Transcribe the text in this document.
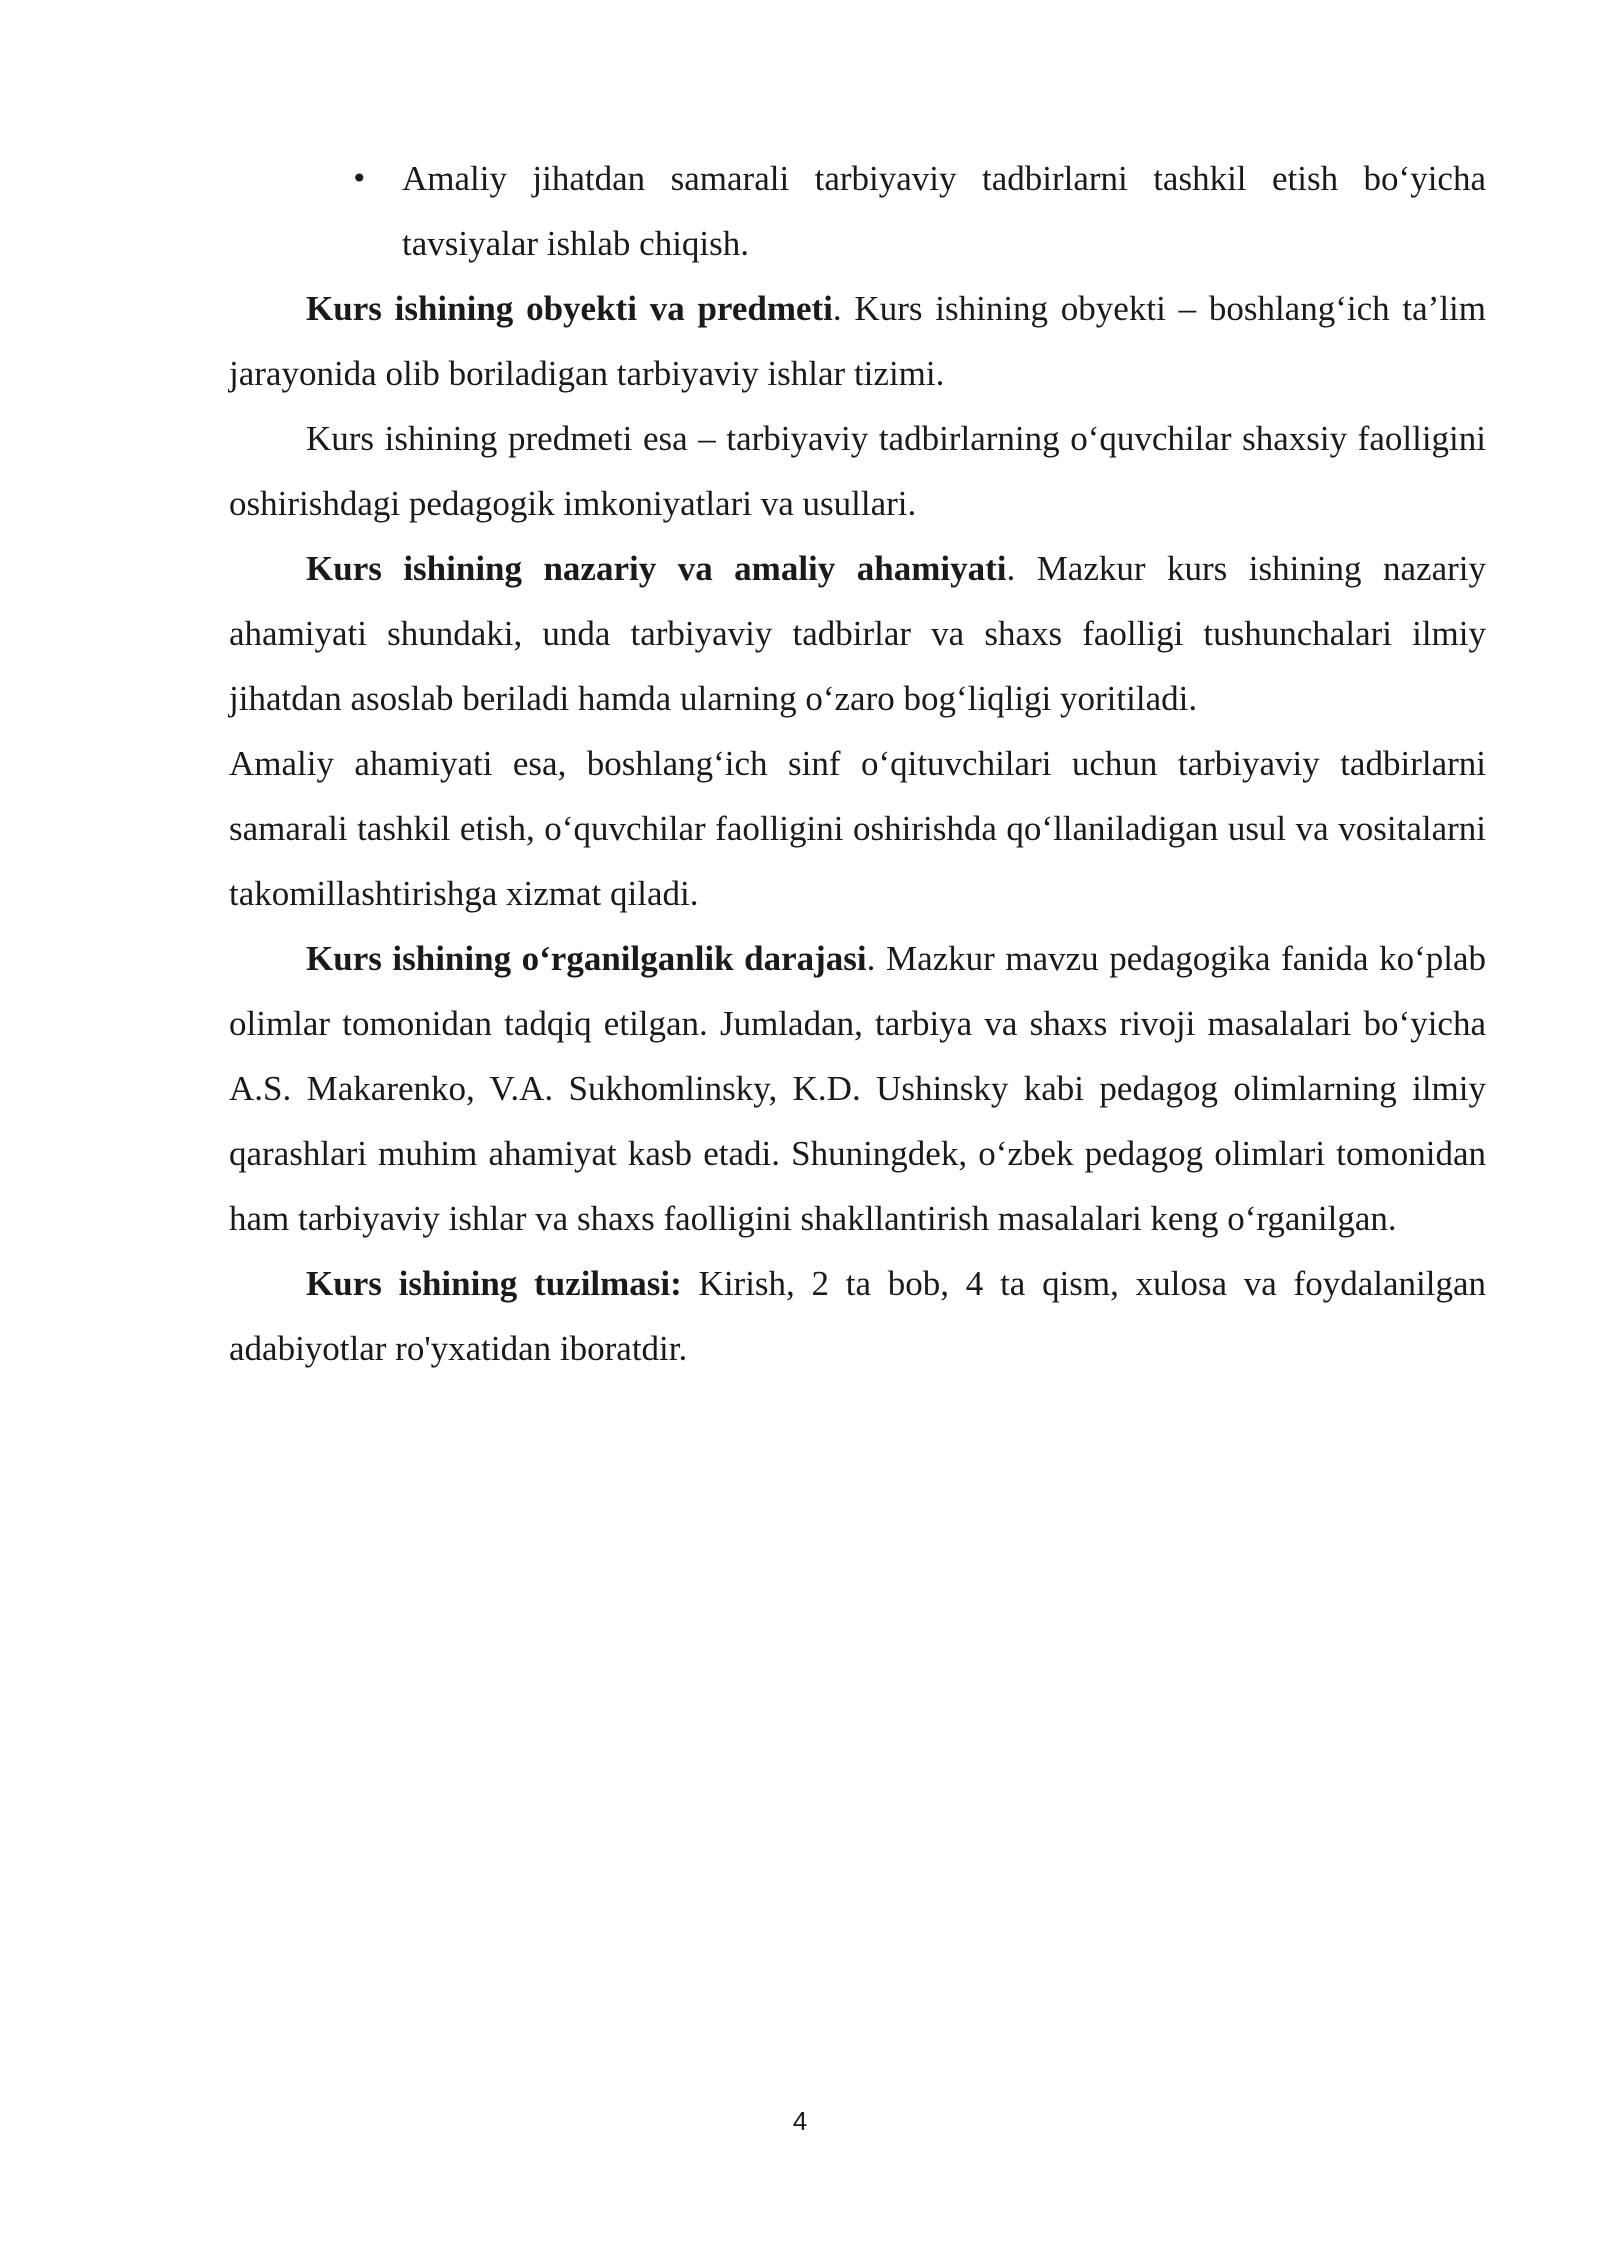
• Amaliy jihatdan samarali tarbiyaviy tadbirlarni tashkil etish bo‘yicha tavsiyalar ishlab chiqish.

Kurs ishining obyekti va predmeti. Kurs ishining obyekti – boshlang‘ich ta’lim jarayonida olib boriladigan tarbiyaviy ishlar tizimi.

Kurs ishining predmeti esa – tarbiyaviy tadbirlarning o‘quvchilar shaxsiy faolligini oshirishdagi pedagogik imkoniyatlari va usullari.

Kurs ishining nazariy va amaliy ahamiyati. Mazkur kurs ishining nazariy ahamiyati shundaki, unda tarbiyaviy tadbirlar va shaxs faolligi tushunchalari ilmiy jihatdan asoslab beriladi hamda ularning o‘zaro bog‘liqligi yoritiladi.

Amaliy ahamiyati esa, boshlang‘ich sinf o‘qituvchilari uchun tarbiyaviy tadbirlarni samarali tashkil etish, o‘quvchilar faolligini oshirishda qo‘llaniladigan usul va vositalarni takomillashtirishga xizmat qiladi.

Kurs ishining o‘rganilganlik darajasi. Mazkur mavzu pedagogika fanida ko‘plab olimlar tomonidan tadqiq etilgan. Jumladan, tarbiya va shaxs rivoji masalalari bo‘yicha A.S. Makarenko, V.A. Sukhomlinsky, K.D. Ushinsky kabi pedagog olimlarning ilmiy qarashlari muhim ahamiyat kasb etadi. Shuningdek, o‘zbek pedagog olimlari tomonidan ham tarbiyaviy ishlar va shaxs faolligini shakllantirish masalalari keng o‘rganilgan.

Kurs ishining tuzilmasi: Kirish, 2 ta bob, 4 ta qism, xulosa va foydalanilgan adabiyotlar ro'yxatidan iboratdir.

4
